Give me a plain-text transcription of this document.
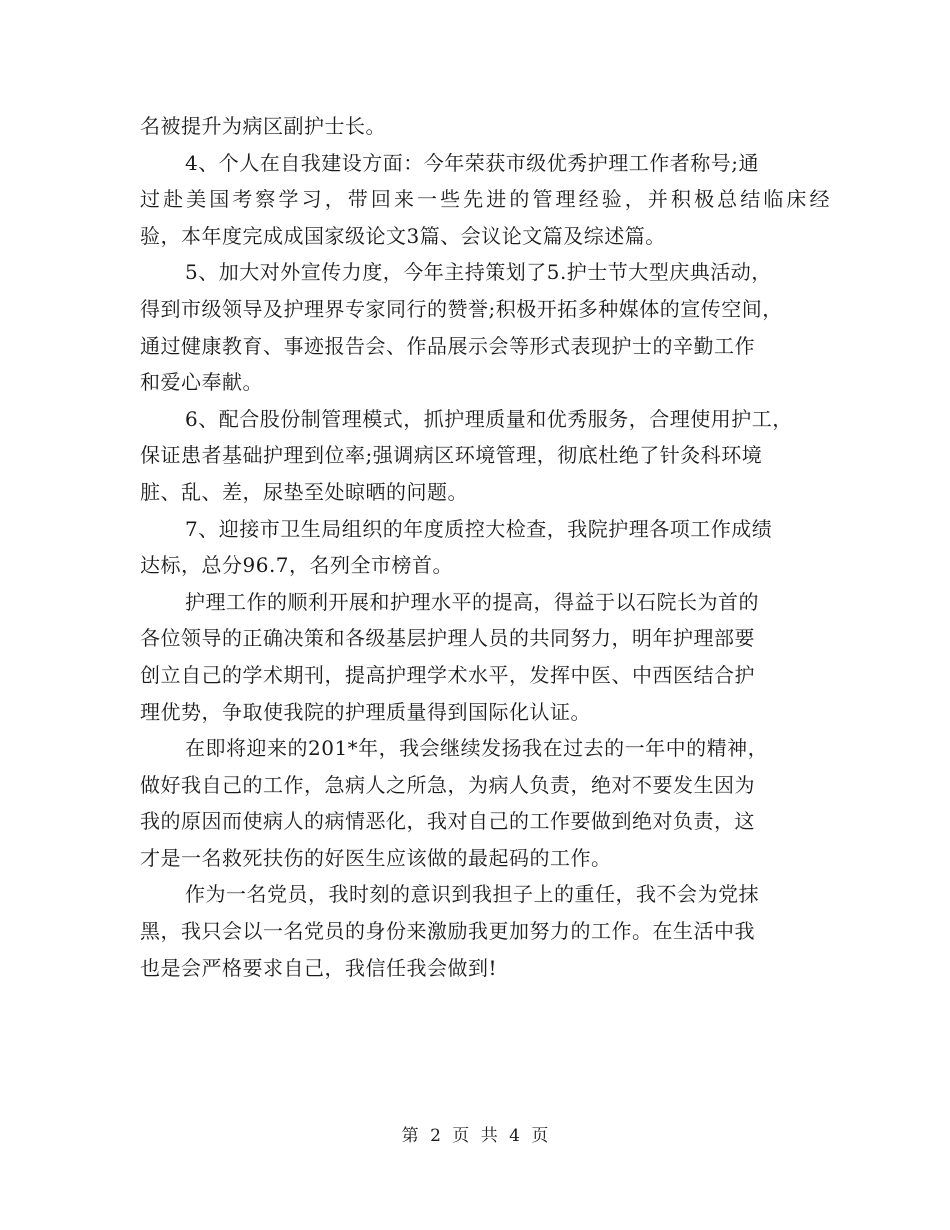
名被提升为病区副护士长。
4、个人在自我建设方面：今年荣获市级优秀护理工作者称号;通
过赴美国考察学习，带回来一些先进的管理经验，并积极总结临床经
验，本年度完成成国家级论文3篇、会议论文篇及综述篇。
5、加大对外宣传力度，今年主持策划了5.护士节大型庆典活动，
得到市级领导及护理界专家同行的赞誉;积极开拓多种媒体的宣传空间，
通过健康教育、事迹报告会、作品展示会等形式表现护士的辛勤工作
和爱心奉献。
6、配合股份制管理模式，抓护理质量和优秀服务，合理使用护工，
保证患者基础护理到位率;强调病区环境管理，彻底杜绝了针灸科环境
脏、乱、差，尿垫至处晾晒的问题。
7、迎接市卫生局组织的年度质控大检查，我院护理各项工作成绩
达标，总分96.7，名列全市榜首。
护理工作的顺利开展和护理水平的提高，得益于以石院长为首的
各位领导的正确决策和各级基层护理人员的共同努力，明年护理部要
创立自己的学术期刊，提高护理学术水平，发挥中医、中西医结合护
理优势，争取使我院的护理质量得到国际化认证。
在即将迎来的201*年，我会继续发扬我在过去的一年中的精神，
做好我自己的工作，急病人之所急，为病人负责，绝对不要发生因为
我的原因而使病人的病情恶化，我对自己的工作要做到绝对负责，这
才是一名救死扶伤的好医生应该做的最起码的工作。
作为一名党员，我时刻的意识到我担子上的重任，我不会为党抹
黑，我只会以一名党员的身份来激励我更加努力的工作。在生活中我
也是会严格要求自己，我信任我会做到!
第 2 页 共 4 页
